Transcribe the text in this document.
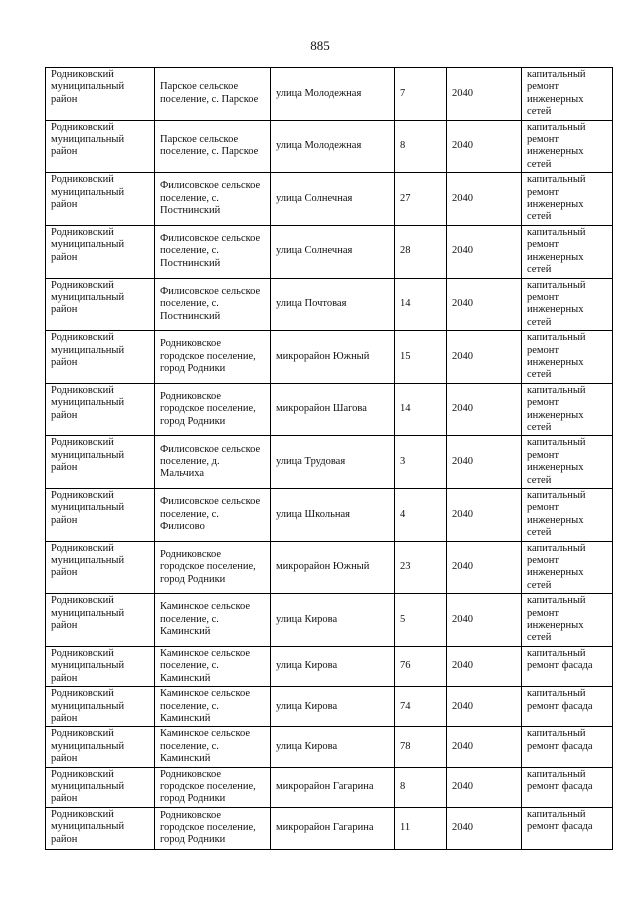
885
Родниковский муниципальный район	Парское сельское поселение, с. Парское	улица Молодежная	7	2040	капитальный ремонт инженерных сетей
Родниковский муниципальный район	Парское сельское поселение, с. Парское	улица Молодежная	8	2040	капитальный ремонт инженерных сетей
Родниковский муниципальный район	Филисовское сельское поселение, с. Постнинский	улица Солнечная	27	2040	капитальный ремонт инженерных сетей
Родниковский муниципальный район	Филисовское сельское поселение, с. Постнинский	улица Солнечная	28	2040	капитальный ремонт инженерных сетей
Родниковский муниципальный район	Филисовское сельское поселение, с. Постнинский	улица Почтовая	14	2040	капитальный ремонт инженерных сетей
Родниковский муниципальный район	Родниковское городское поселение, город Родники	микрорайон Южный	15	2040	капитальный ремонт инженерных сетей
Родниковский муниципальный район	Родниковское городское поселение, город Родники	микрорайон Шагова	14	2040	капитальный ремонт инженерных сетей
Родниковский муниципальный район	Филисовское сельское поселение, д. Мальчиха	улица Трудовая	3	2040	капитальный ремонт инженерных сетей
Родниковский муниципальный район	Филисовское сельское поселение, с. Филисово	улица Школьная	4	2040	капитальный ремонт инженерных сетей
Родниковский муниципальный район	Родниковское городское поселение, город Родники	микрорайон Южный	23	2040	капитальный ремонт инженерных сетей
Родниковский муниципальный район	Каминское сельское поселение, с. Каминский	улица Кирова	5	2040	капитальный ремонт инженерных сетей
Родниковский муниципальный район	Каминское сельское поселение, с. Каминский	улица Кирова	76	2040	капитальный ремонт фасада
Родниковский муниципальный район	Каминское сельское поселение, с. Каминский	улица Кирова	74	2040	капитальный ремонт фасада
Родниковский муниципальный район	Каминское сельское поселение, с. Каминский	улица Кирова	78	2040	капитальный ремонт фасада
Родниковский муниципальный район	Родниковское городское поселение, город Родники	микрорайон Гагарина	8	2040	капитальный ремонт фасада
Родниковский муниципальный район	Родниковское городское поселение, город Родники	микрорайон Гагарина	11	2040	капитальный ремонт фасада
